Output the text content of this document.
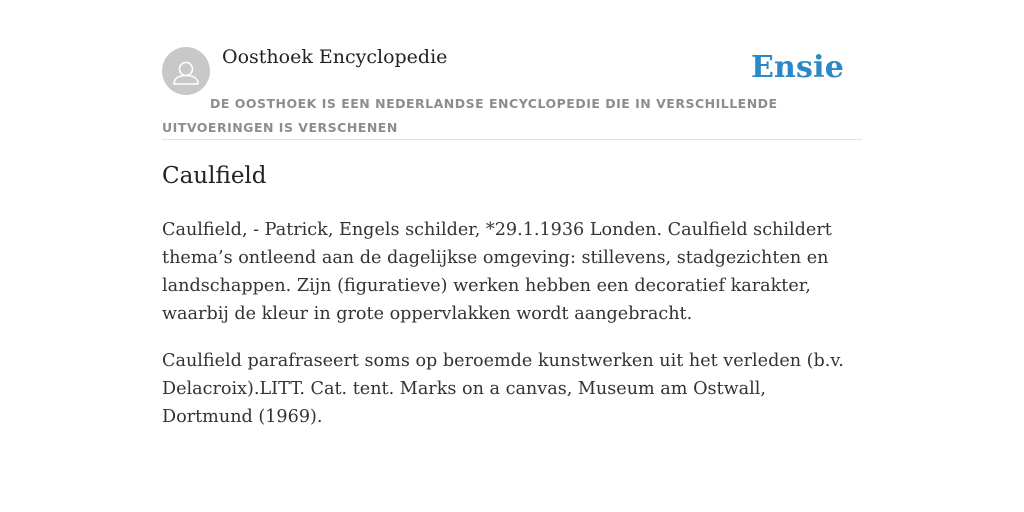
Oosthoek Encyclopedie	Ensie
DE OOSTHOEK IS EEN NEDERLANDSE ENCYCLOPEDIE DIE IN VERSCHILLENDE UITVOERINGEN IS VERSCHENEN
Caulfield

Caulfield, - Patrick, Engels schilder, *29.1.1936 Londen. Caulfield schildert thema’s ontleend aan de dagelijkse omgeving: stillevens, stadgezichten en landschappen. Zijn (figuratieve) werken hebben een decoratief karakter, waarbij de kleur in grote oppervlakken wordt aangebracht.

Caulfield parafraseert soms op beroemde kunstwerken uit het verleden (b.v. Delacroix).LITT. Cat. tent. Marks on a canvas, Museum am Ostwall, Dortmund (1969).
